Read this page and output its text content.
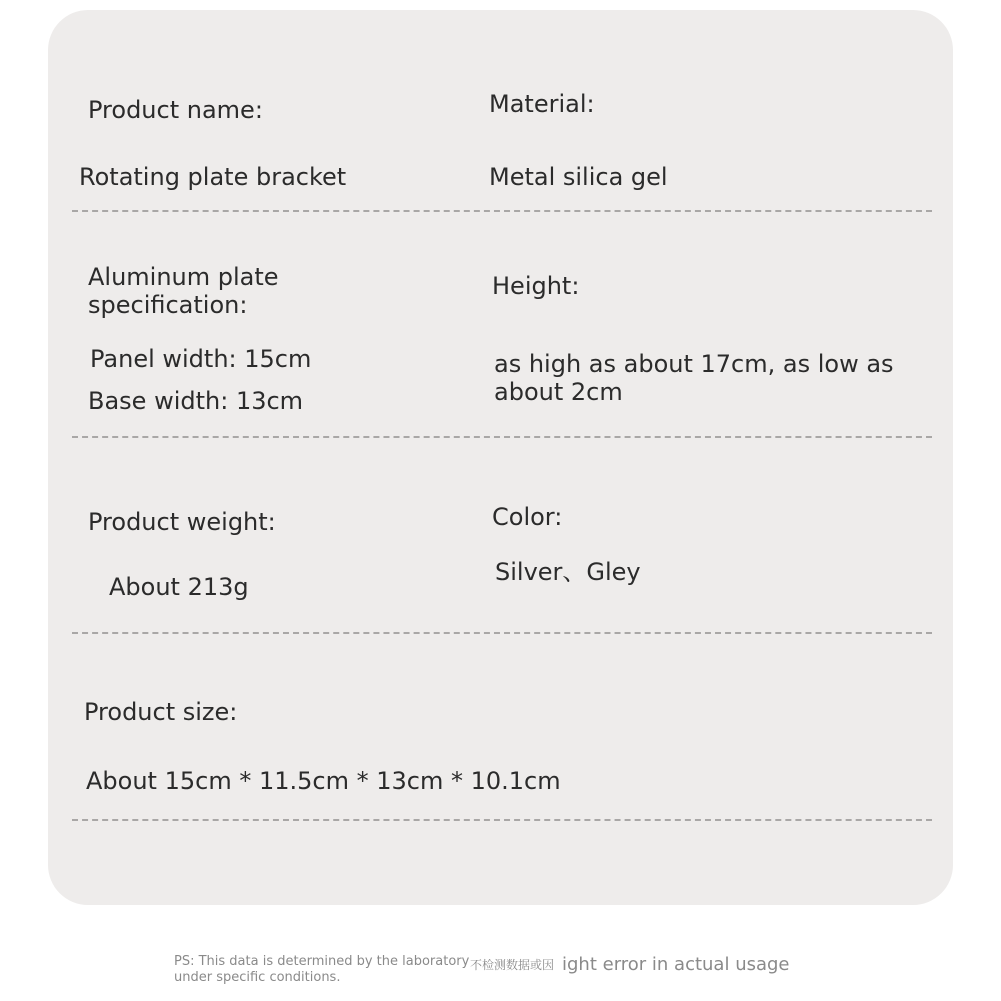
Product name:
Rotating plate bracket
Material:
Metal silica gel
Aluminum plate specification:
Panel width: 15cm
Base width: 13cm
Height:
as high as about 17cm, as low as about 2cm
Product weight:
About 213g
Color:
Silver、Gley
Product size:
About 15cm * 11.5cm * 13cm * 10.1cm
PS: This data is determined by the laboratory under specific conditions.
不检测数据或因 ight error in actual usage
